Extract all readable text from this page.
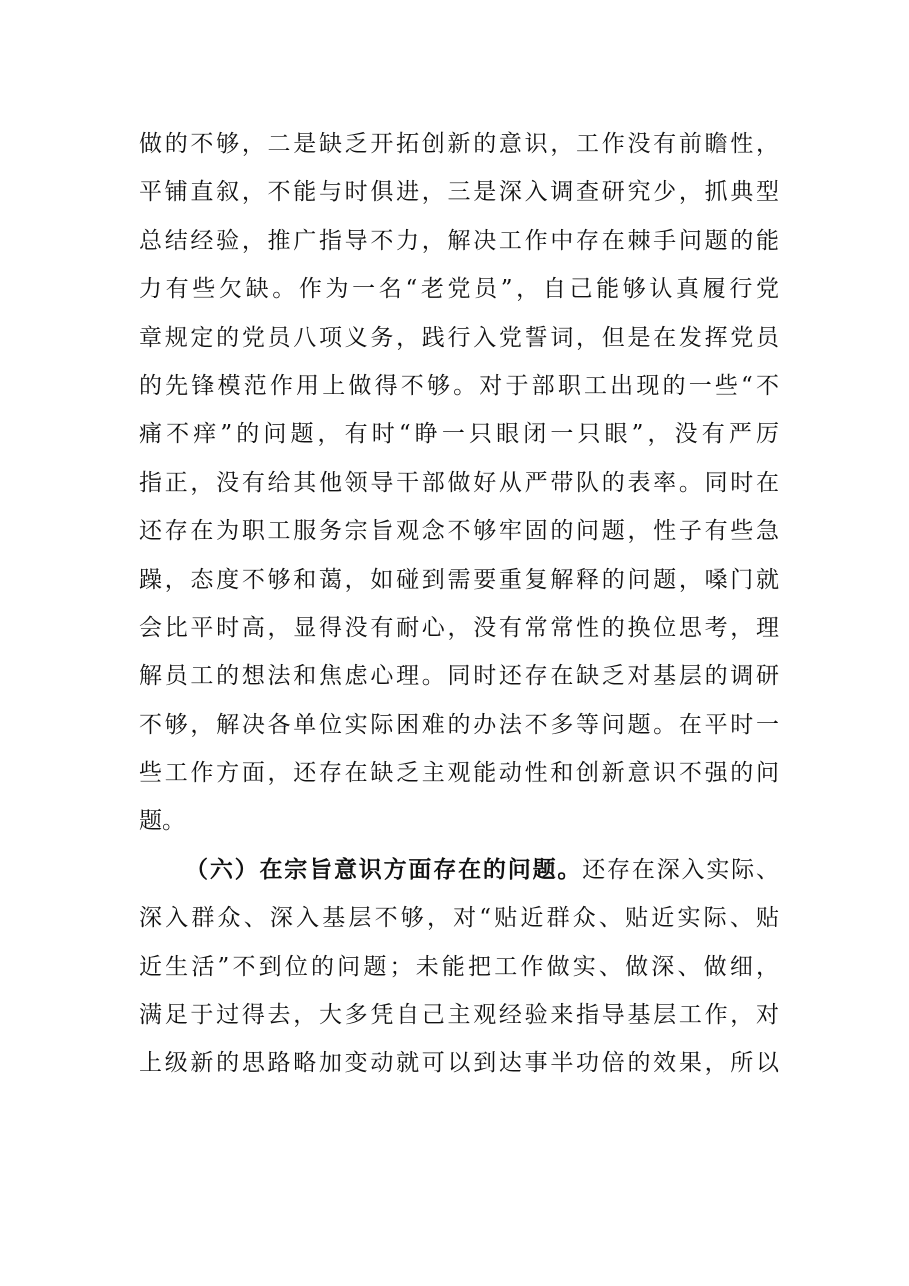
做的不够，二是缺乏开拓创新的意识，工作没有前瞻性，
平铺直叙，不能与时俱进，三是深入调查研究少，抓典型
总结经验，推广指导不力，解决工作中存在棘手问题的能
力有些欠缺。作为一名“老党员”，自己能够认真履行党
章规定的党员八项义务，践行入党誓词，但是在发挥党员
的先锋模范作用上做得不够。对于部职工出现的一些“不
痛不痒”的问题，有时“睁一只眼闭一只眼”，没有严厉
指正，没有给其他领导干部做好从严带队的表率。同时在
还存在为职工服务宗旨观念不够牢固的问题，性子有些急
躁，态度不够和蔼，如碰到需要重复解释的问题，嗓门就
会比平时高，显得没有耐心，没有常常性的换位思考，理
解员工的想法和焦虑心理。同时还存在缺乏对基层的调研
不够，解决各单位实际困难的办法不多等问题。在平时一
些工作方面，还存在缺乏主观能动性和创新意识不强的问
题。
（六）在宗旨意识方面存在的问题。还存在深入实际、
深入群众、深入基层不够，对“贴近群众、贴近实际、贴
近生活”不到位的问题；未能把工作做实、做深、做细，
满足于过得去，大多凭自己主观经验来指导基层工作，对
上级新的思路略加变动就可以到达事半功倍的效果，所以
